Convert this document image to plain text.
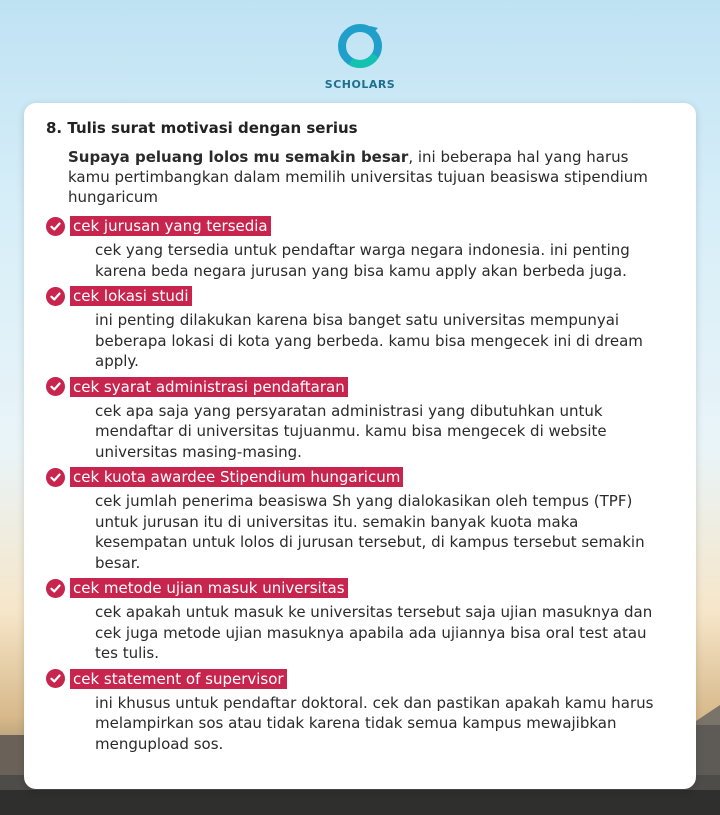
SCHOLARS
8. Tulis surat motivasi dengan serius
Supaya peluang lolos mu semakin besar, ini beberapa hal yang harus kamu pertimbangkan dalam memilih universitas tujuan beasiswa stipendium hungaricum
cek jurusan yang tersedia
cek yang tersedia untuk pendaftar warga negara indonesia. ini penting karena beda negara jurusan yang bisa kamu apply akan berbeda juga.
cek lokasi studi
ini penting dilakukan karena bisa banget satu universitas mempunyai beberapa lokasi di kota yang berbeda. kamu bisa mengecek ini di dream apply.
cek syarat administrasi pendaftaran
cek apa saja yang persyaratan administrasi yang dibutuhkan untuk mendaftar di universitas tujuanmu. kamu bisa mengecek di website universitas masing-masing.
cek kuota awardee Stipendium hungaricum
cek jumlah penerima beasiswa Sh yang dialokasikan oleh tempus (TPF) untuk jurusan itu di universitas itu. semakin banyak kuota maka kesempatan untuk lolos di jurusan tersebut, di kampus tersebut semakin besar.
cek metode ujian masuk universitas
cek apakah untuk masuk ke universitas tersebut saja ujian masuknya dan cek juga metode ujian masuknya apabila ada ujiannya bisa oral test atau tes tulis.
cek statement of supervisor
ini khusus untuk pendaftar doktoral. cek dan pastikan apakah kamu harus melampirkan sos atau tidak karena tidak semua kampus mewajibkan mengupload sos.
